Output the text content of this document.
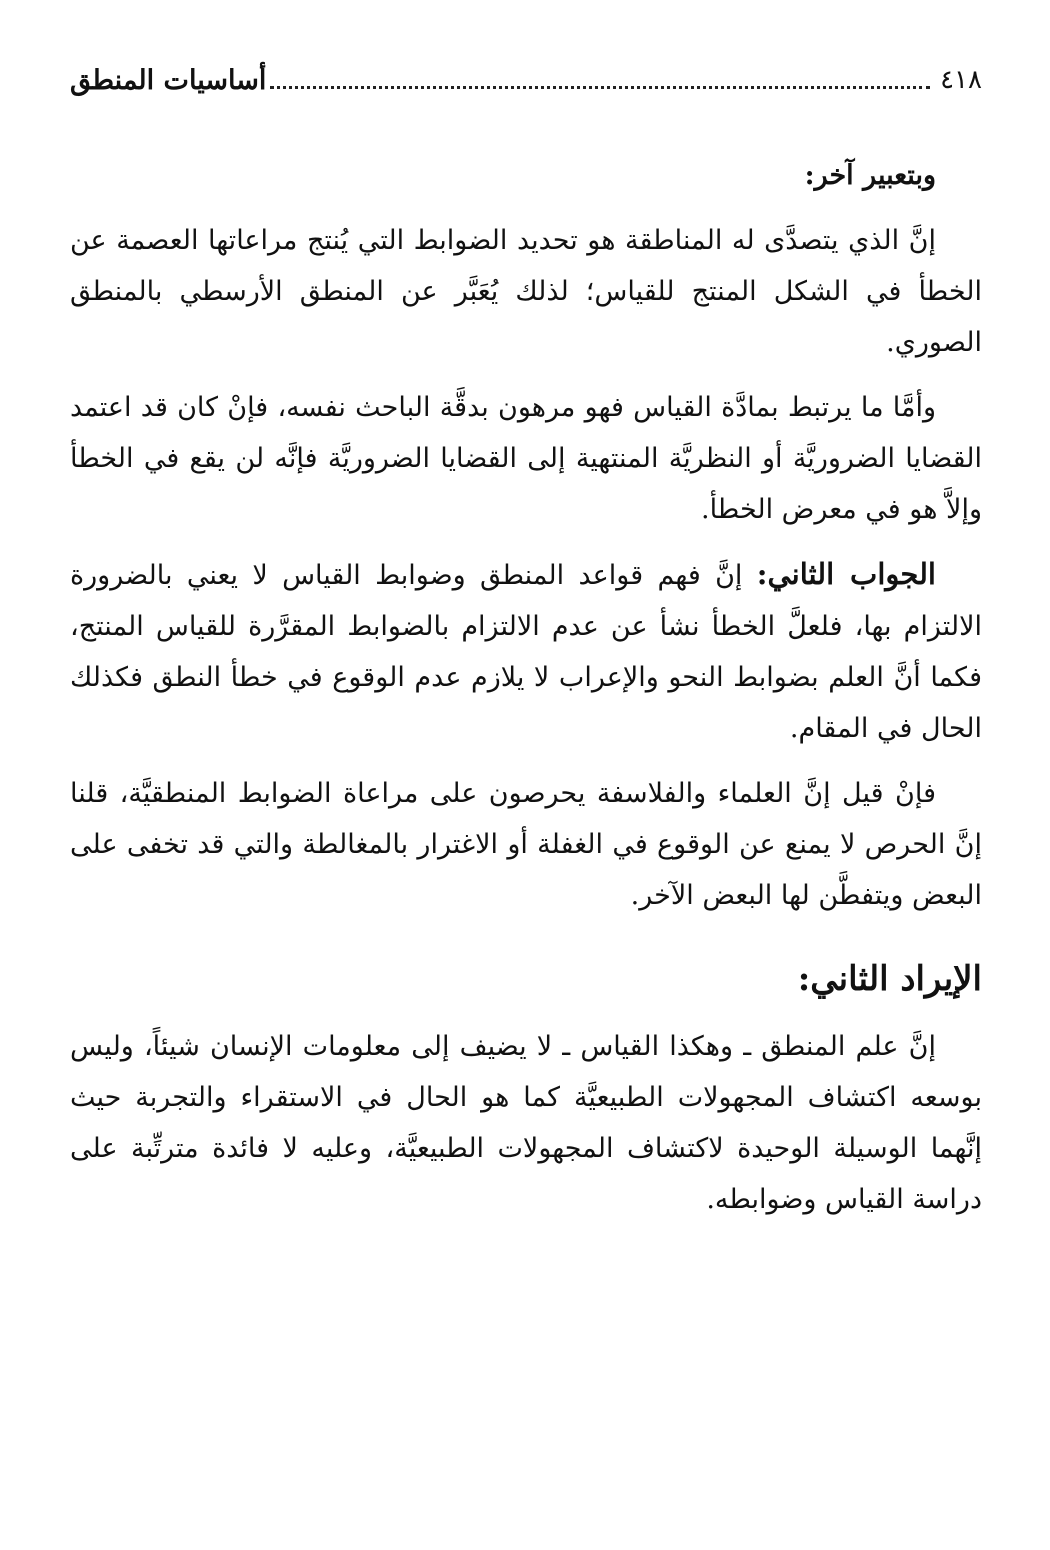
٤١٨
أساسيات المنطق
وبتعبير آخر:

إنَّ الذي يتصدَّى له المناطقة هو تحديد الضوابط التي يُنتج مراعاتها العصمة عن الخطأ في الشكل المنتج للقياس؛ لذلك يُعَبَّر عن المنطق الأرسطي بالمنطق الصوري.

وأمَّا ما يرتبط بمادَّة القياس فهو مرهون بدقَّة الباحث نفسه، فإنْ كان قد اعتمد القضايا الضروريَّة أو النظريَّة المنتهية إلى القضايا الضروريَّة فإنَّه لن يقع في الخطأ وإلاَّ هو في معرض الخطأ.

الجواب الثاني: إنَّ فهم قواعد المنطق وضوابط القياس لا يعني بالضرورة الالتزام بها، فلعلَّ الخطأ نشأ عن عدم الالتزام بالضوابط المقرَّرة للقياس المنتج، فكما أنَّ العلم بضوابط النحو والإعراب لا يلازم عدم الوقوع في خطأ النطق فكذلك الحال في المقام.

فإنْ قيل إنَّ العلماء والفلاسفة يحرصون على مراعاة الضوابط المنطقيَّة، قلنا إنَّ الحرص لا يمنع عن الوقوع في الغفلة أو الاغترار بالمغالطة والتي قد تخفى على البعض ويتفطَّن لها البعض الآخر.

الإيراد الثاني:

إنَّ علم المنطق ـ وهكذا القياس ـ لا يضيف إلى معلومات الإنسان شيئاً، وليس بوسعه اكتشاف المجهولات الطبيعيَّة كما هو الحال في الاستقراء والتجربة حيث إنَّهما الوسيلة الوحيدة لاكتشاف المجهولات الطبيعيَّة، وعليه لا فائدة مترتِّبة على دراسة القياس وضوابطه.
